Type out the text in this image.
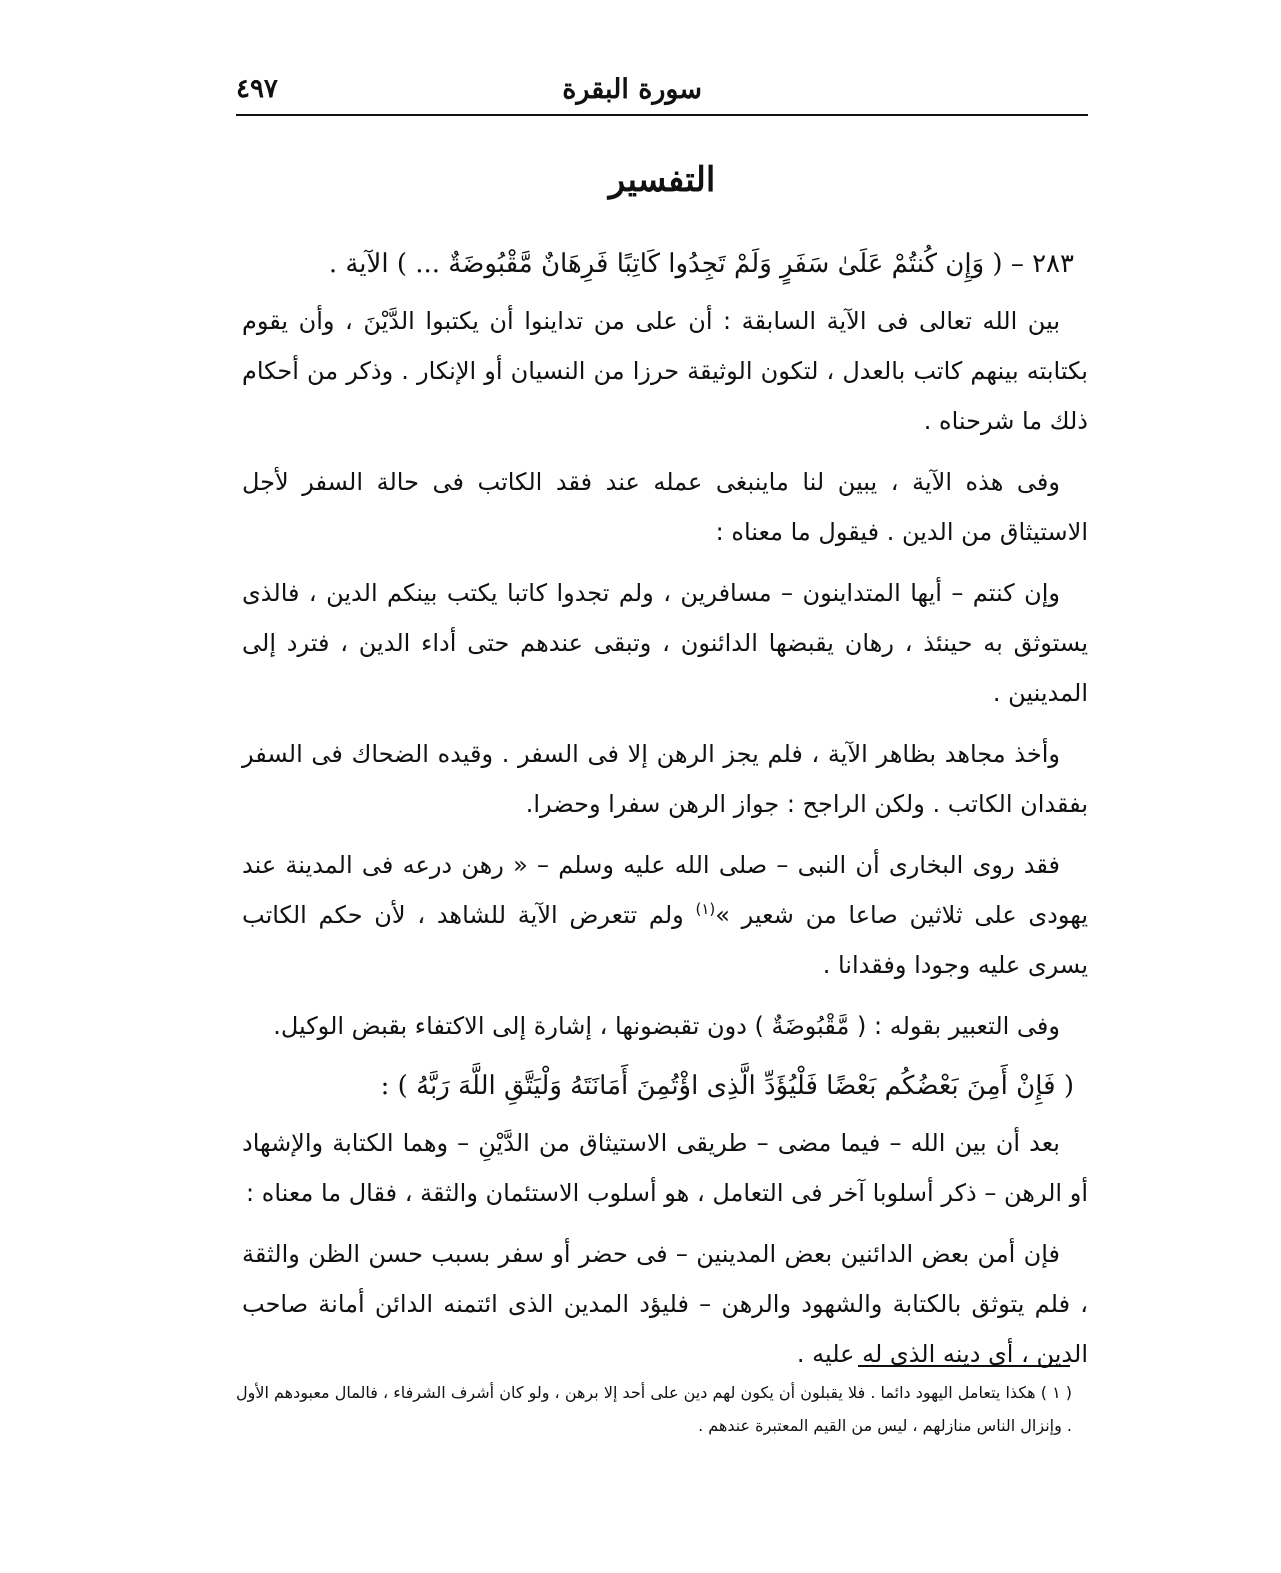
سورة البقرة
٤٩٧
التفسير

٢٨٣ – ( وَإِن كُنتُمْ عَلَىٰ سَفَرٍ وَلَمْ تَجِدُوا كَاتِبًا فَرِهَانٌ مَّقْبُوضَةٌ ... ) الآية .

بين الله تعالى فى الآية السابقة : أن على من تداينوا أن يكتبوا الدَّيْنَ ، وأن يقوم بكتابته بينهم كاتب بالعدل ، لتكون الوثيقة حرزا من النسيان أو الإنكار . وذكر من أحكام ذلك ما شرحناه .

وفى هذه الآية ، يبين لنا ماينبغى عمله عند فقد الكاتب فى حالة السفر لأجل الاستيثاق من الدين . فيقول ما معناه :

وإن كنتم – أيها المتداينون – مسافرين ، ولم تجدوا كاتبا يكتب بينكم الدين ، فالذى يستوثق به حينئذ ، رهان يقبضها الدائنون ، وتبقى عندهم حتى أداء الدين ، فترد إلى المدينين .

وأخذ مجاهد بظاهر الآية ، فلم يجز الرهن إلا فى السفر . وقيده الضحاك فى السفر بفقدان الكاتب . ولكن الراجح : جواز الرهن سفرا وحضرا.

فقد روى البخارى أن النبى – صلى الله عليه وسلم – « رهن درعه فى المدينة عند يهودى على ثلاثين صاعا من شعير »$^{(١)}$ ولم تتعرض الآية للشاهد ، لأن حكم الكاتب يسرى عليه وجودا وفقدانا .

وفى التعبير بقوله : ( مَّقْبُوضَةٌ ) دون تقبضونها ، إشارة إلى الاكتفاء بقبض الوكيل.

( فَإِنْ أَمِنَ بَعْضُكُم بَعْضًا فَلْيُؤَدِّ الَّذِى اؤْتُمِنَ أَمَانَتَهُ وَلْيَتَّقِ اللَّهَ رَبَّهُ ) :

بعد أن بين الله – فيما مضى – طريقى الاستيثاق من الدَّيْنِ – وهما الكتابة والإشهاد أو الرهن – ذكر أسلوبا آخر فى التعامل ، هو أسلوب الاستئمان والثقة ، فقال ما معناه :

فإن أمن بعض الدائنين بعض المدينين – فى حضر أو سفر بسبب حسن الظن والثقة ، فلم يتوثق بالكتابة والشهود والرهن – فليؤد المدين الذى ائتمنه الدائن أمانة صاحب الدين ، أى دينه الذى له عليه .

( ١ ) هكذا يتعامل اليهود دائما . فلا يقبلون أن يكون لهم دين على أحد إلا برهن ، ولو كان أشرف الشرفاء ، فالمال معبودهم الأول . وإنزال الناس منازلهم ، ليس من القيم المعتبرة عندهم .
